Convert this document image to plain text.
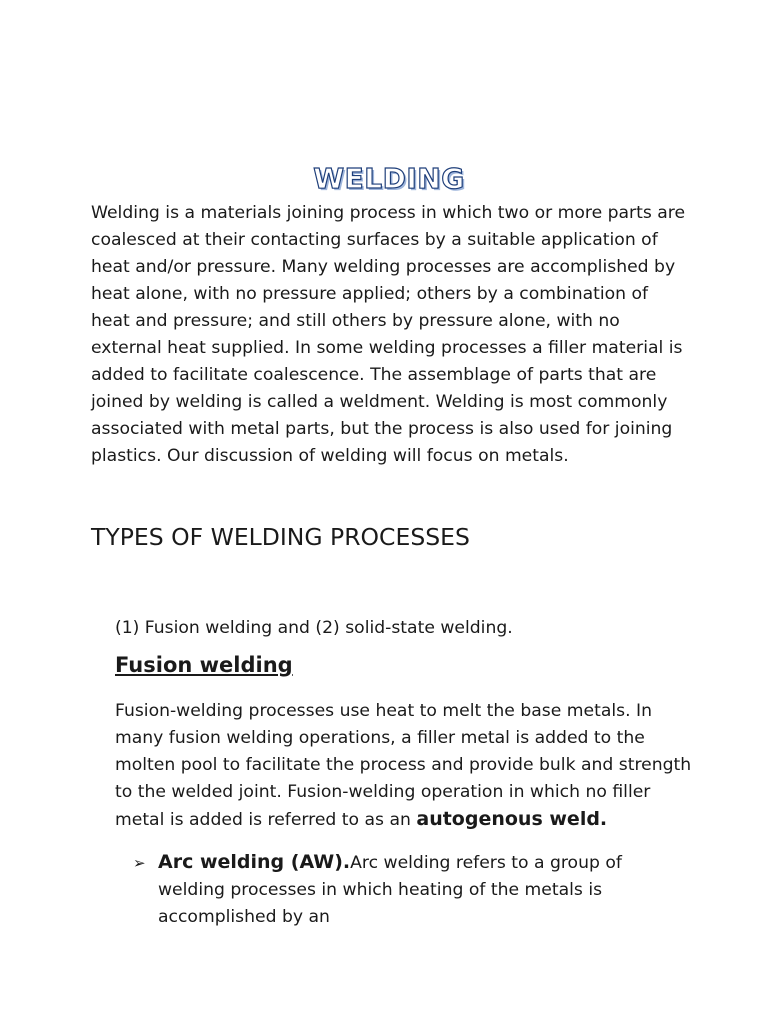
WELDING

Welding is a materials joining process in which two or more parts are coalesced at their contacting surfaces by a suitable application of heat and/or pressure. Many welding processes are accomplished by heat alone, with no pressure applied; others by a combination of heat and pressure; and still others by pressure alone, with no external heat supplied. In some welding processes a filler material is added to facilitate coalescence. The assemblage of parts that are joined by welding is called a weldment. Welding is most commonly associated with metal parts, but the process is also used for joining plastics. Our discussion of welding will focus on metals.

TYPES OF WELDING PROCESSES

(1) Fusion welding and (2) solid-state welding.

Fusion welding

Fusion-welding processes use heat to melt the base metals. In many fusion welding operations, a filler metal is added to the molten pool to facilitate the process and provide bulk and strength to the welded joint. Fusion-welding operation in which no filler metal is added is referred to as an autogenous weld.

➢ Arc welding (AW).Arc welding refers to a group of welding processes in which heating of the metals is accomplished by an
